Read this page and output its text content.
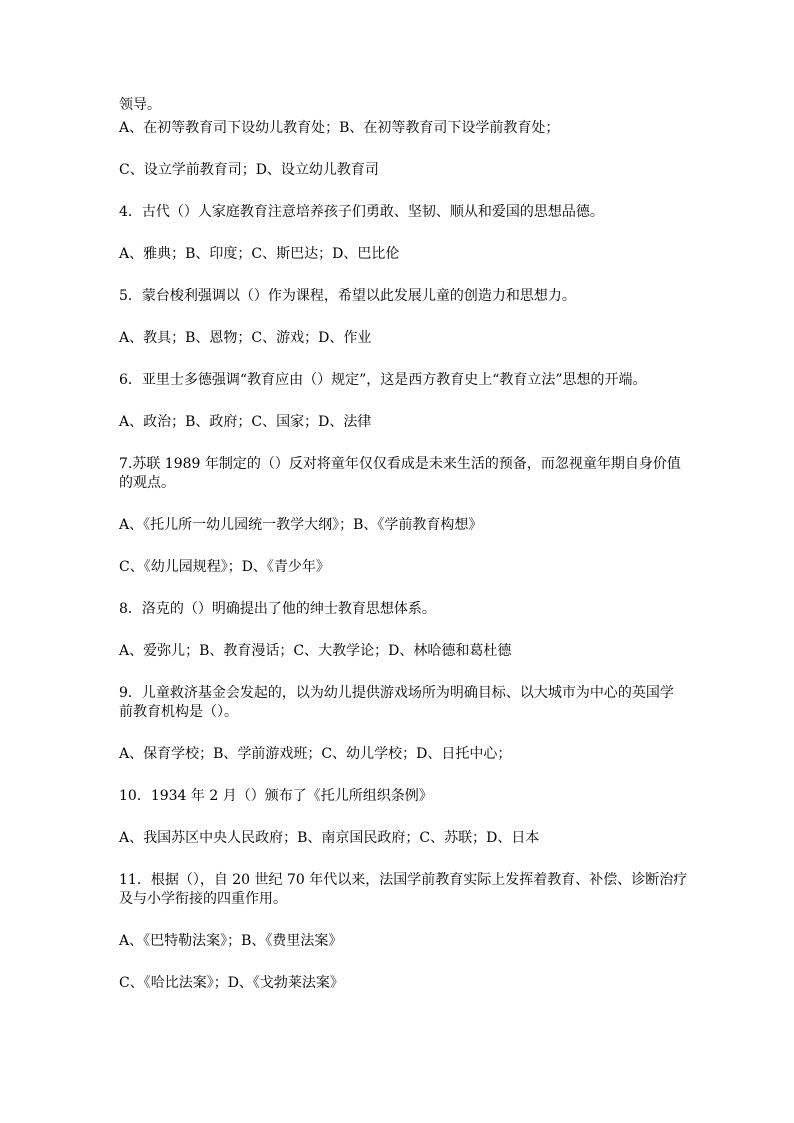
领导。
A、在初等教育司下设幼儿教育处；B、在初等教育司下设学前教育处；
C、设立学前教育司；D、设立幼儿教育司
4．古代（）人家庭教育注意培养孩子们勇敢、坚韧、顺从和爱国的思想品德。
A、雅典；B、印度；C、斯巴达；D、巴比伦
5．蒙台梭利强调以（）作为课程，希望以此发展儿童的创造力和思想力。
A、教具；B、恩物；C、游戏；D、作业
6．亚里士多德强调“教育应由（）规定”，这是西方教育史上“教育立法”思想的开端。
A、政治；B、政府；C、国家；D、法律
7.苏联 1989 年制定的（）反对将童年仅仅看成是未来生活的预备，而忽视童年期自身价值
的观点。
A、《托儿所一幼儿园统一教学大纲》；B、《学前教育构想》
C、《幼儿园规程》；D、《青少年》
8．洛克的（）明确提出了他的绅士教育思想体系。
A、爱弥儿；B、教育漫话；C、大教学论；D、林哈德和葛杜德
9．儿童救济基金会发起的，以为幼儿提供游戏场所为明确目标、以大城市为中心的英国学
前教育机构是（）。
A、保育学校；B、学前游戏班；C、幼儿学校；D、日托中心；
10．1934 年 2 月（）颁布了《托儿所组织条例》
A、我国苏区中央人民政府；B、南京国民政府；C、苏联；D、日本
11．根据（），自 20 世纪 70 年代以来，法国学前教育实际上发挥着教育、补偿、诊断治疗
及与小学衔接的四重作用。
A、《巴特勒法案》；B、《费里法案》
C、《哈比法案》；D、《戈勃莱法案》
